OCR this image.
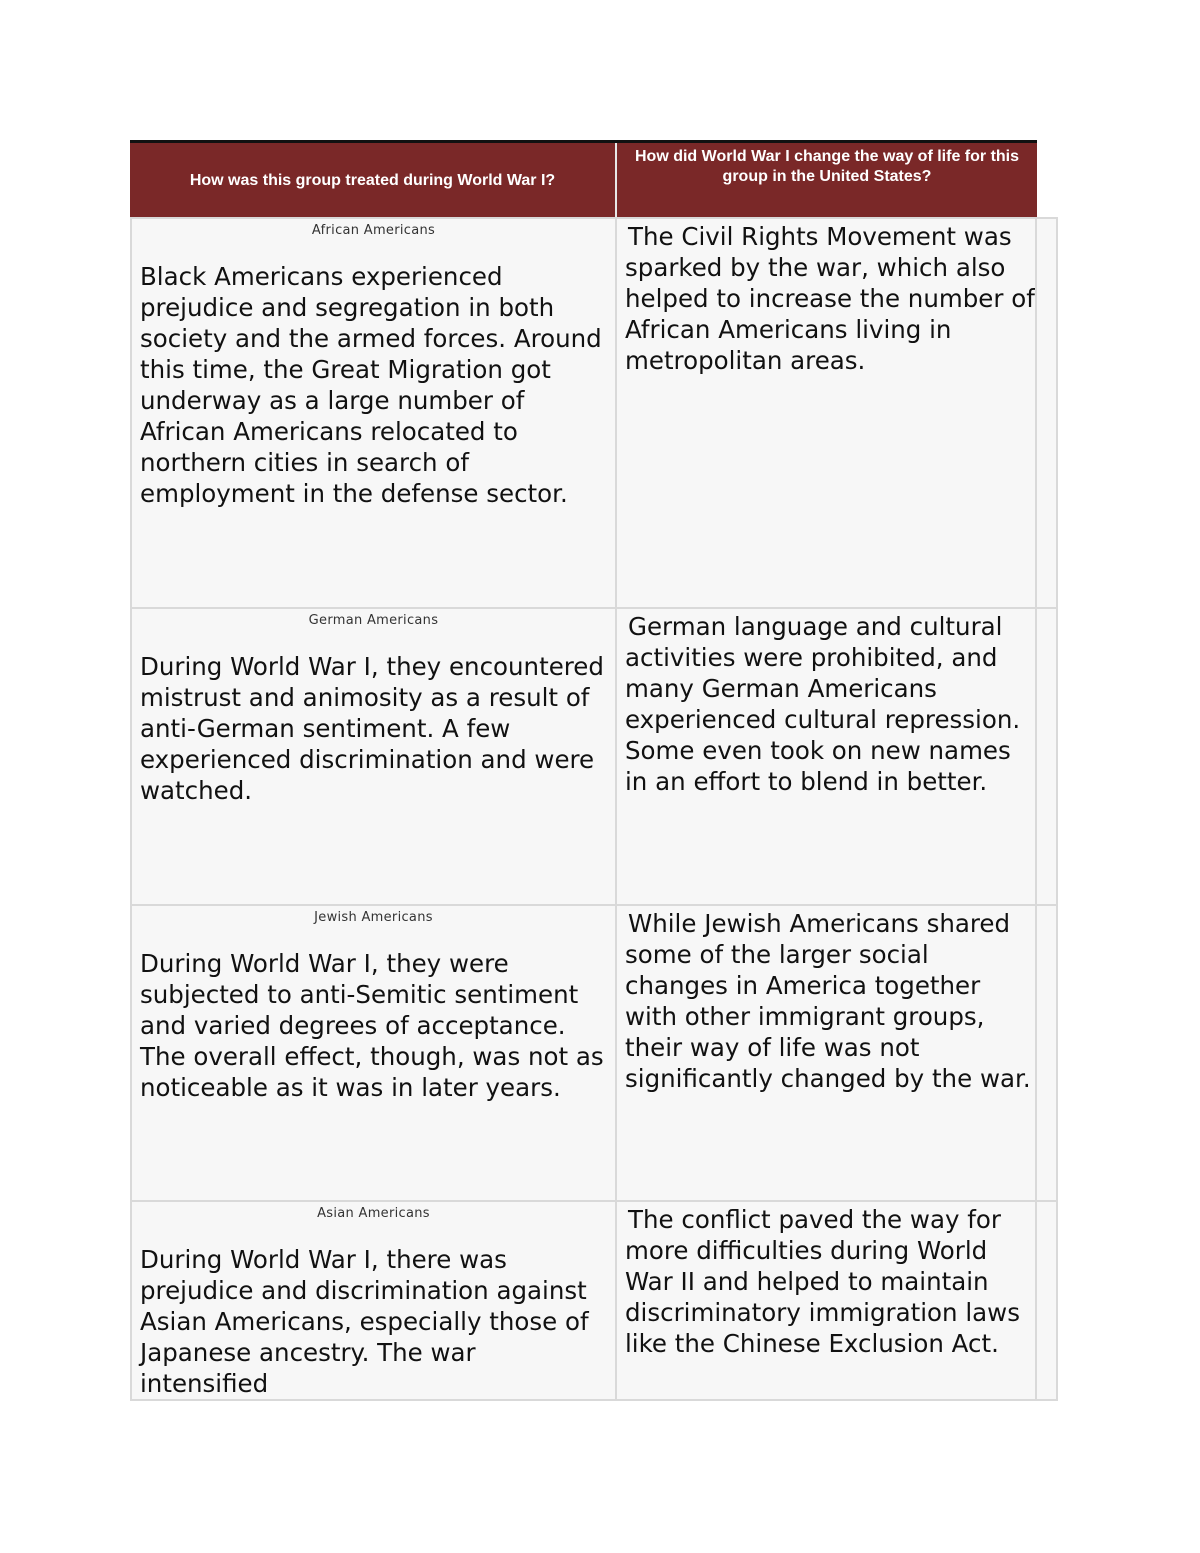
How was this group treated during World War I?
How did World War I change the way of life for this group in the United States?
African Americans

Black Americans experienced prejudice and segregation in both society and the armed forces. Around this time, the Great Migration got underway as a large number of African Americans relocated to northern cities in search of employment in the defense sector.

The Civil Rights Movement was sparked by the war, which also helped to increase the number of African Americans living in metropolitan areas.

German Americans

During World War I, they encountered mistrust and animosity as a result of anti-German sentiment. A few experienced discrimination and were watched.

German language and cultural activities were prohibited, and many German Americans experienced cultural repression. Some even took on new names in an effort to blend in better.

Jewish Americans

During World War I, they were subjected to anti-Semitic sentiment and varied degrees of acceptance. The overall effect, though, was not as noticeable as it was in later years.

While Jewish Americans shared some of the larger social changes in America together with other immigrant groups, their way of life was not significantly changed by the war.

Asian Americans

During World War I, there was prejudice and discrimination against Asian Americans, especially those of Japanese ancestry. The war intensified

The conflict paved the way for more difficulties during World War II and helped to maintain discriminatory immigration laws like the Chinese Exclusion Act.
